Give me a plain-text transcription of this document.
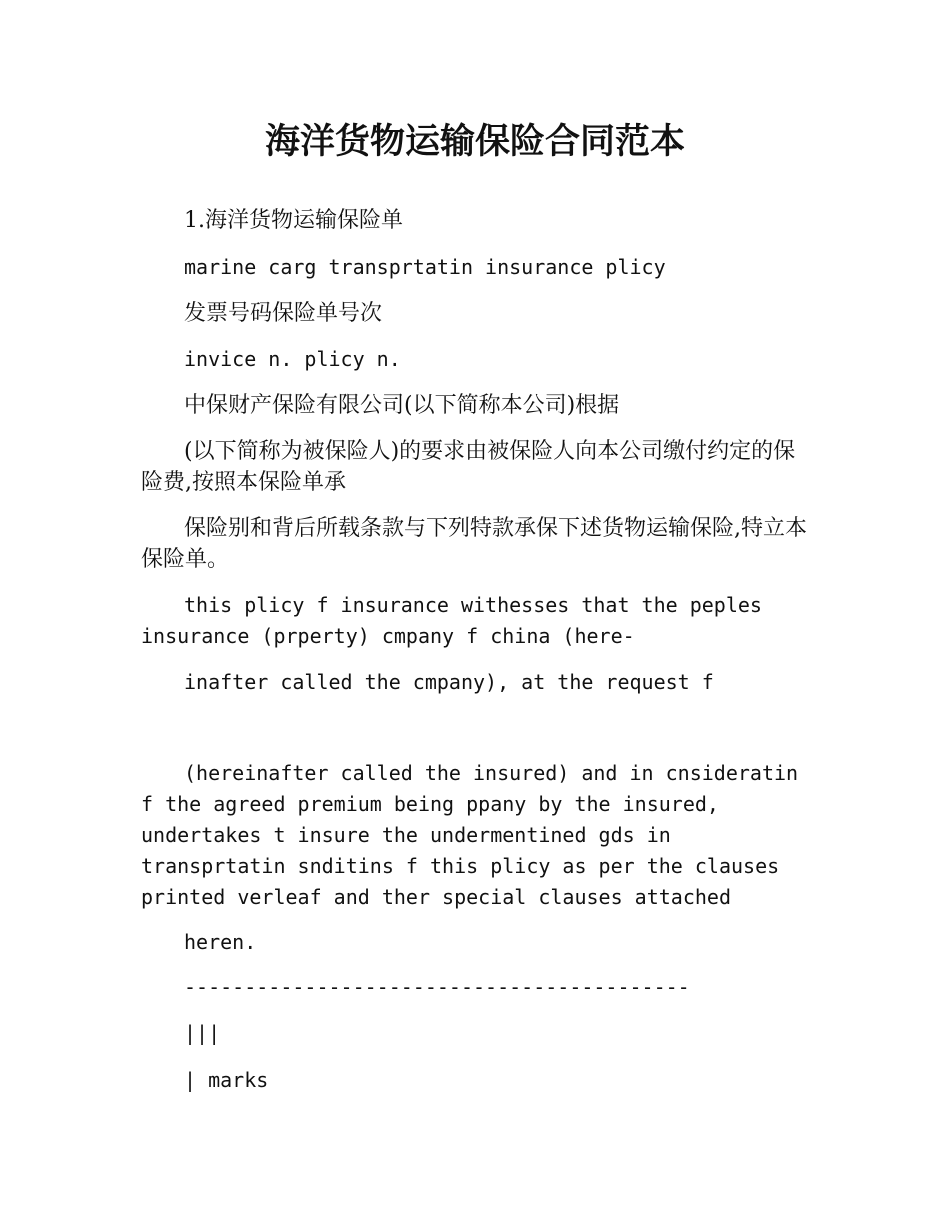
海洋货物运输保险合同范本

1.海洋货物运输保险单

marine carg transprtatin insurance plicy

发票号码保险单号次

invice n. plicy n.

中保财产保险有限公司(以下简称本公司)根据

(以下简称为被保险人)的要求由被保险人向本公司缴付约定的保险费,按照本保险单承

保险别和背后所载条款与下列特款承保下述货物运输保险,特立本保险单。

this plicy f insurance withesses that the peples insurance (prperty) cmpany f china (here-

inafter called the cmpany), at the request f

(hereinafter called the insured) and in cnsideratin f the agreed premium being ppany by the insured, undertakes t insure the undermentined gds in transprtatin snditins f this plicy as per the clauses printed verleaf and ther special clauses attached

heren.

------------------------------------------

|||

| marks
